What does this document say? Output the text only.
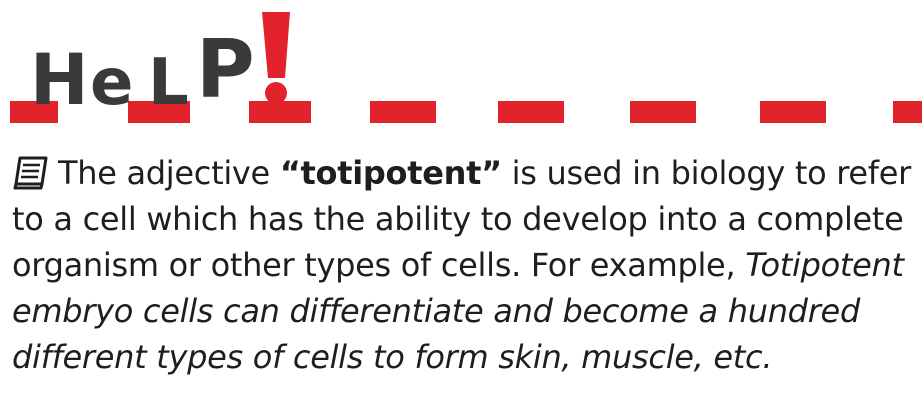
H e L P
The adjective “totipotent” is used in biology to refer to a cell which has the ability to develop into a complete organism or other types of cells. For example, Totipotent embryo cells can differentiate and become a hundred different types of cells to form skin, muscle, etc.
